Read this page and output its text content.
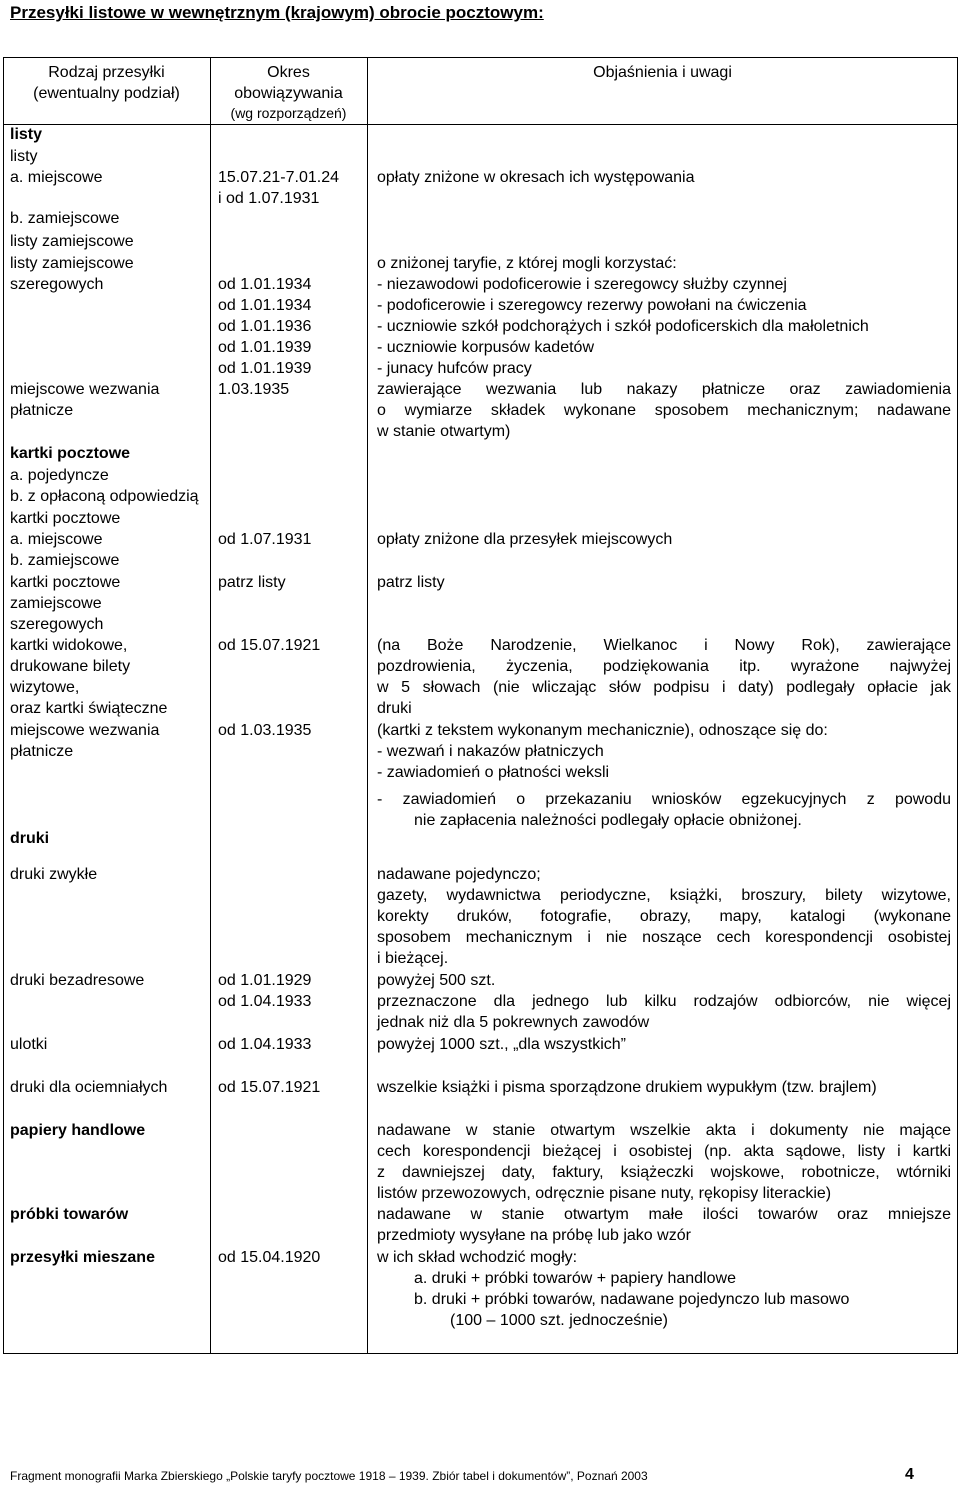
Przesyłki listowe w wewnętrznym (krajowym) obrocie pocztowym:
Rodzaj przesyłki
(ewentualny podział)
Okres
obowiązywania
(wg rozporządzeń)
Objaśnienia i uwagi
listy
listy
a. miejscowe
b. zamiejscowe
listy zamiejscowe
listy zamiejscowe
szeregowych
miejscowe wezwania
płatnicze
kartki pocztowe
a. pojedyncze
b. z opłaconą odpowiedzią
kartki pocztowe
a. miejscowe
b. zamiejscowe
kartki pocztowe
zamiejscowe
szeregowych
kartki widokowe,
drukowane bilety
wizytowe,
oraz kartki świąteczne
miejscowe wezwania
płatnicze
druki
druki zwykłe
druki bezadresowe
ulotki
druki dla ociemniałych
papiery handlowe
próbki towarów
przesyłki mieszane
15.07.21-7.01.24
i od 1.07.1931
od 1.01.1934
od 1.01.1934
od 1.01.1936
od 1.01.1939
od 1.01.1939
1.03.1935
od 1.07.1931
patrz listy
od 15.07.1921
od 1.03.1935
od 1.01.1929
od 1.04.1933
od 1.04.1933
od 15.07.1921
od 15.04.1920
opłaty zniżone w okresach ich występowania
o zniżonej taryfie, z której mogli korzystać:
- niezawodowi podoficerowie i szeregowcy służby czynnej
- podoficerowie i szeregowcy rezerwy powołani na ćwiczenia
- uczniowie szkół podchorążych i szkół podoficerskich dla małoletnich
- uczniowie korpusów kadetów
- junacy hufców pracy
zawierające wezwania lub nakazy płatnicze oraz zawiadomienia
o wymiarze składek wykonane sposobem mechanicznym; nadawane
w stanie otwartym)
opłaty zniżone dla przesyłek miejscowych
patrz listy
(na Boże Narodzenie, Wielkanoc i Nowy Rok), zawierające
pozdrowienia, życzenia, podziękowania itp. wyrażone najwyżej
w 5 słowach (nie wliczając słów podpisu i daty) podlegały opłacie jak
druki
(kartki z tekstem wykonanym mechanicznie), odnoszące się do:
- wezwań i nakazów płatniczych
- zawiadomień o płatności weksli
- zawiadomień o przekazaniu wniosków egzekucyjnych z powodu
nie zapłacenia należności podlegały opłacie obniżonej.
nadawane pojedynczo;
gazety, wydawnictwa periodyczne, książki, broszury, bilety wizytowe,
korekty druków, fotografie, obrazy, mapy, katalogi (wykonane
sposobem mechanicznym i nie noszące cech korespondencji osobistej
i bieżącej.
powyżej 500 szt.
przeznaczone dla jednego lub kilku rodzajów odbiorców, nie więcej
jednak niż dla 5 pokrewnych zawodów
powyżej 1000 szt., „dla wszystkich”
wszelkie książki i pisma sporządzone drukiem wypukłym (tzw. brajlem)
nadawane w stanie otwartym wszelkie akta i dokumenty nie mające
cech korespondencji bieżącej i osobistej (np. akta sądowe, listy i kartki
z dawniejszej daty, faktury, książeczki wojskowe, robotnicze, wtórniki
listów przewozowych, odręcznie pisane nuty, rękopisy literackie)
nadawane w stanie otwartym małe ilości towarów oraz mniejsze
przedmioty wysyłane na próbę lub jako wzór
w ich skład wchodzić mogły:
a. druki + próbki towarów + papiery handlowe
b. druki + próbki towarów, nadawane pojedynczo lub masowo
(100 – 1000 szt. jednocześnie)
Fragment monografii Marka Zbierskiego „Polskie taryfy pocztowe 1918 – 1939. Zbiór tabel i dokumentów”, Poznań 2003	4
